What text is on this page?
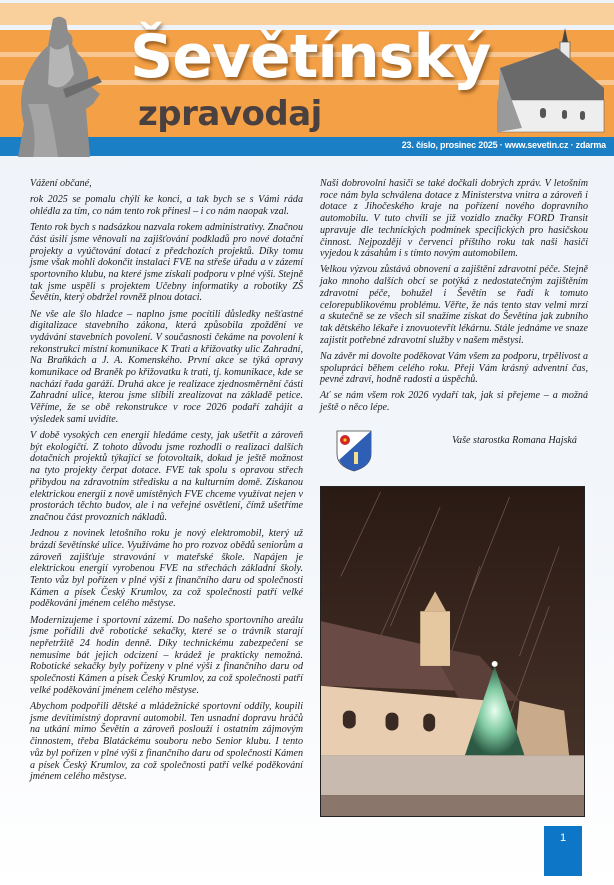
23. číslo, prosinec 2025 · www.sevetin.cz · zdarma
Ševětínský
zpravodaj

Vážení občané,

rok 2025 se pomalu chýlí ke konci, a tak bych se s Vámi ráda ohlédla za tím, co nám tento rok přinesl – i co nám naopak vzal.

Tento rok bych s nadsázkou nazvala rokem administrativy. Značnou část úsilí jsme věnovali na zajišťování podkladů pro nové dotační projekty a vyúčtování dotací z předchozích projektů. Díky tomu jsme však mohli dokončit instalaci FVE na střeše úřadu a v zázemí sportovního klubu, na které jsme získali podporu v plné výši. Stejně tak jsme uspěli s projektem Učebny informatiky a robotiky ZŠ Ševětín, který obdržel rovněž plnou dotaci.

Ne vše ale šlo hladce – naplno jsme pocítili důsledky nešťastné digitalizace stavebního zákona, která způsobila zpoždění ve vydávání stavebních povolení. V současnosti čekáme na povolení k rekonstrukci místní komunikace K Trati a křižovatky ulic Zahradní, Na Braňkách a J. A. Komenského. První akce se týká opravy komunikace od Braněk po křižovatku k trati, tj. komunikace, kde se nachází řada garáží. Druhá akce je realizace zjednosměrnění části Zahradní ulice, kterou jsme slíbili zrealizovat na základě petice. Věříme, že se obě rekonstrukce v roce 2026 podaří zahájit a výsledek sami uvidíte.

V době vysokých cen energií hledáme cesty, jak ušetřit a zároveň být ekologičtí. Z tohoto důvodu jsme rozhodli o realizaci dalších dotačních projektů týkající se fotovoltaik, dokud je ještě možnost na tyto projekty čerpat dotace. FVE tak spolu s opravou střech přibydou na zdravotním středisku a na kulturním domě. Získanou elektrickou energii z nově umístěných FVE chceme využívat nejen v prostorách těchto budov, ale i na veřejné osvětlení, čímž ušetříme značnou část provozních nákladů.

Jednou z novinek letošního roku je nový elektromobil, který už brázdí ševětínské ulice. Využíváme ho pro rozvoz obědů seniorům a zároveň zajišťuje stravování v mateřské škole. Napájen je elektrickou energií vyrobenou FVE na střechách základní školy. Tento vůz byl pořízen v plné výši z finančního daru od společnosti Kámen a písek Český Krumlov, za což společnosti patří velké poděkování jménem celého městyse.

Modernizujeme i sportovní zázemí. Do našeho sportovního areálu jsme pořídili dvě robotické sekačky, které se o trávník starají nepřetržitě 24 hodin denně. Díky technickému zabezpečení se nemusíme bát jejich odcizení – krádež je prakticky nemožná. Robotické sekačky byly pořízeny v plné výši z finančního daru od společnosti Kámen a písek Český Krumlov, za což společnosti patří velké poděkování jménem celého městyse.

Abychom podpořili dětské a mládežnické sportovní oddíly, koupili jsme devítimístný dopravní automobil. Ten usnadní dopravu hráčů na utkání mimo Ševětín a zároveň poslouží i ostatním zájmovým činnostem, třeba Blatáckému souboru nebo Senior klubu. I tento vůz byl pořízen v plné výši z finančního daru od společnosti Kámen a písek Český Krumlov, za což společnosti patří velké poděkování jménem celého městyse.

Naši dobrovolní hasiči se také dočkali dobrých zpráv. V letošním roce nám byla schválena dotace z Ministerstva vnitra a zároveň i dotace z Jihočeského kraje na pořízení nového dopravního automobilu. V tuto chvíli se již vozidlo značky FORD Transit upravuje dle technických podmínek specifických pro hasičskou činnost. Nejpozději v červenci příštího roku tak naši hasiči vyjedou k zásahům i s tímto novým automobilem.

Velkou výzvou zůstává obnovení a zajištění zdravotní péče. Stejně jako mnoho dalších obcí se potýká z nedostatečným zajištěním zdravotní péče, bohužel i Ševětín se řadí k tomuto celorepublikovému problému. Věřte, že nás tento stav velmi mrzí a skutečně se ze všech sil snažíme získat do Ševětína jak zubního tak dětského lékaře i znovuotevřít lékárnu. Stále jednáme ve snaze zajistit potřebné zdravotní služby v našem městysi.

Na závěr mi dovolte poděkovat Vám všem za podporu, trpělivost a spolupráci během celého roku. Přeji Vám krásný adventní čas, pevné zdraví, hodně radosti a úspěchů.

Ať se nám všem rok 2026 vydaří tak, jak si přejeme – a možná ještě o něco lépe.

Vaše starostka Romana Hajská
1
